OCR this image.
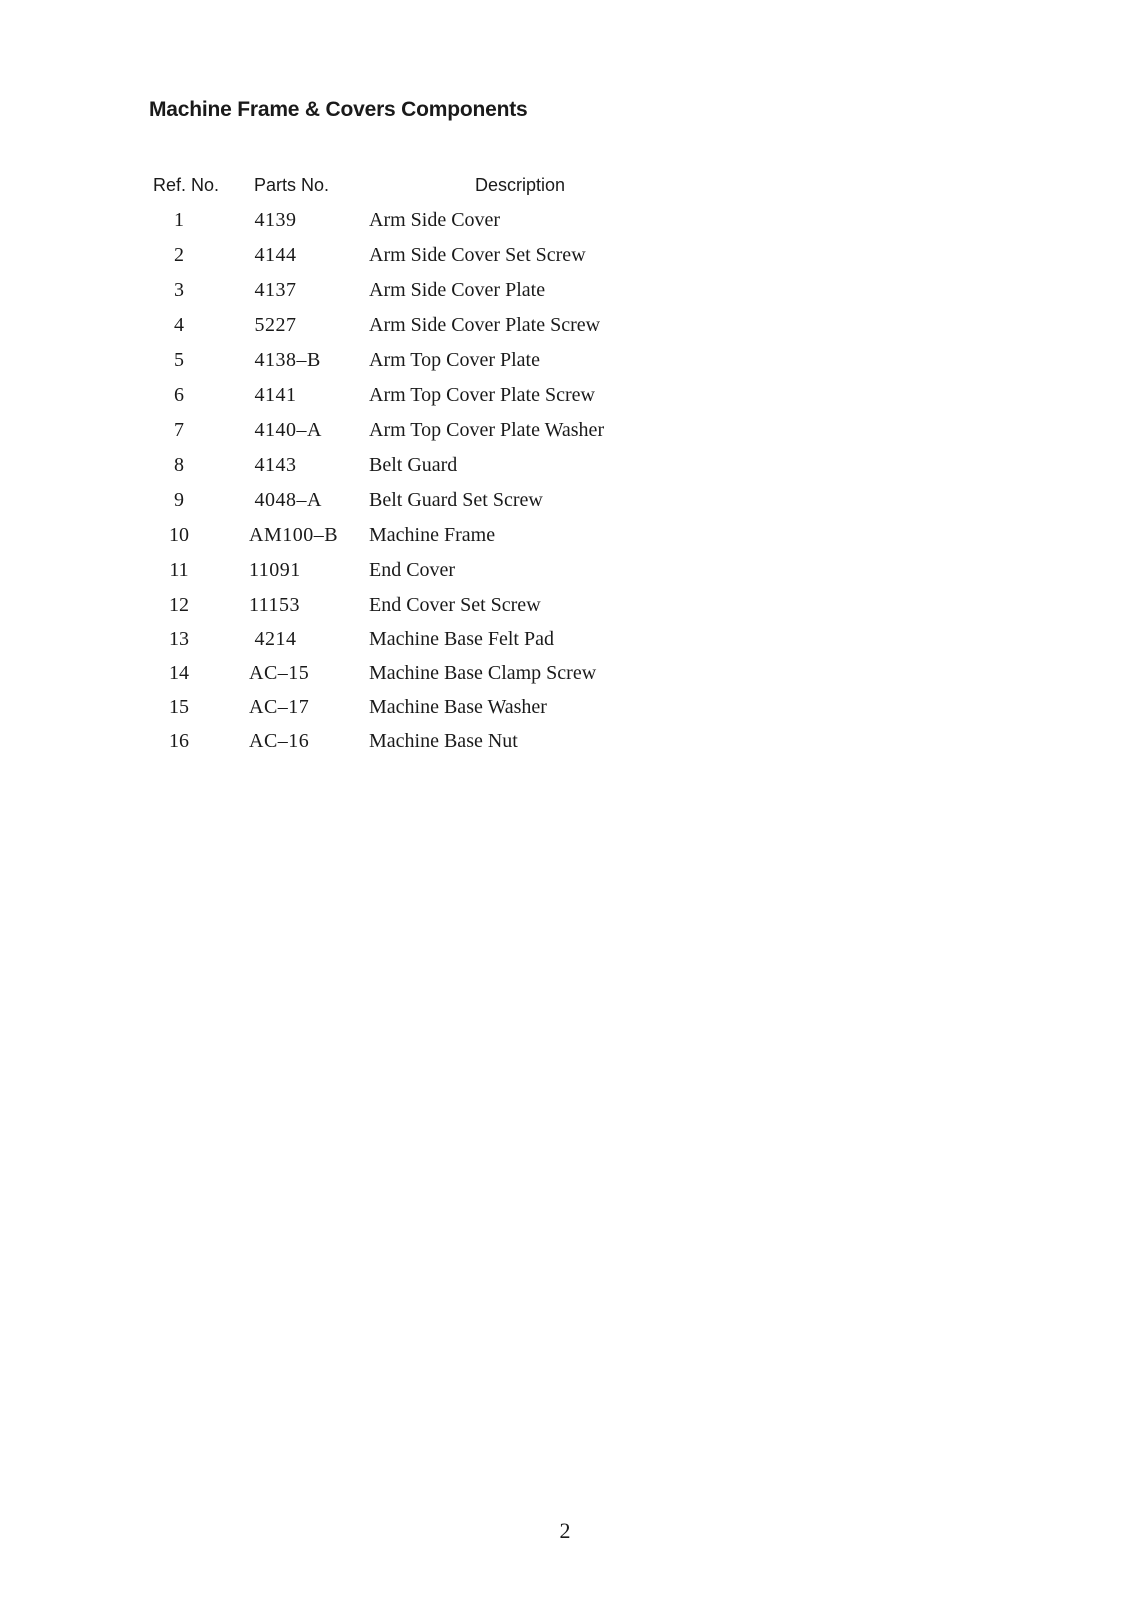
Machine Frame & Covers Components
Ref. No. Parts No.	Description
1	4139	Arm Side Cover
2	4144	Arm Side Cover Set Screw
3	4137	Arm Side Cover Plate
4	5227	Arm Side Cover Plate Screw
5	4138–B	Arm Top Cover Plate
6	4141	Arm Top Cover Plate Screw
7	4140–A	Arm Top Cover Plate Washer
8	4143	Belt Guard
9	4048–A	Belt Guard Set Screw
10	AM100–B	Machine Frame
11	11091	End Cover
12	11153	End Cover Set Screw
13	4214	Machine Base Felt Pad
14	AC–15	Machine Base Clamp Screw
15	AC–17	Machine Base Washer
16	AC–16	Machine Base Nut
2
